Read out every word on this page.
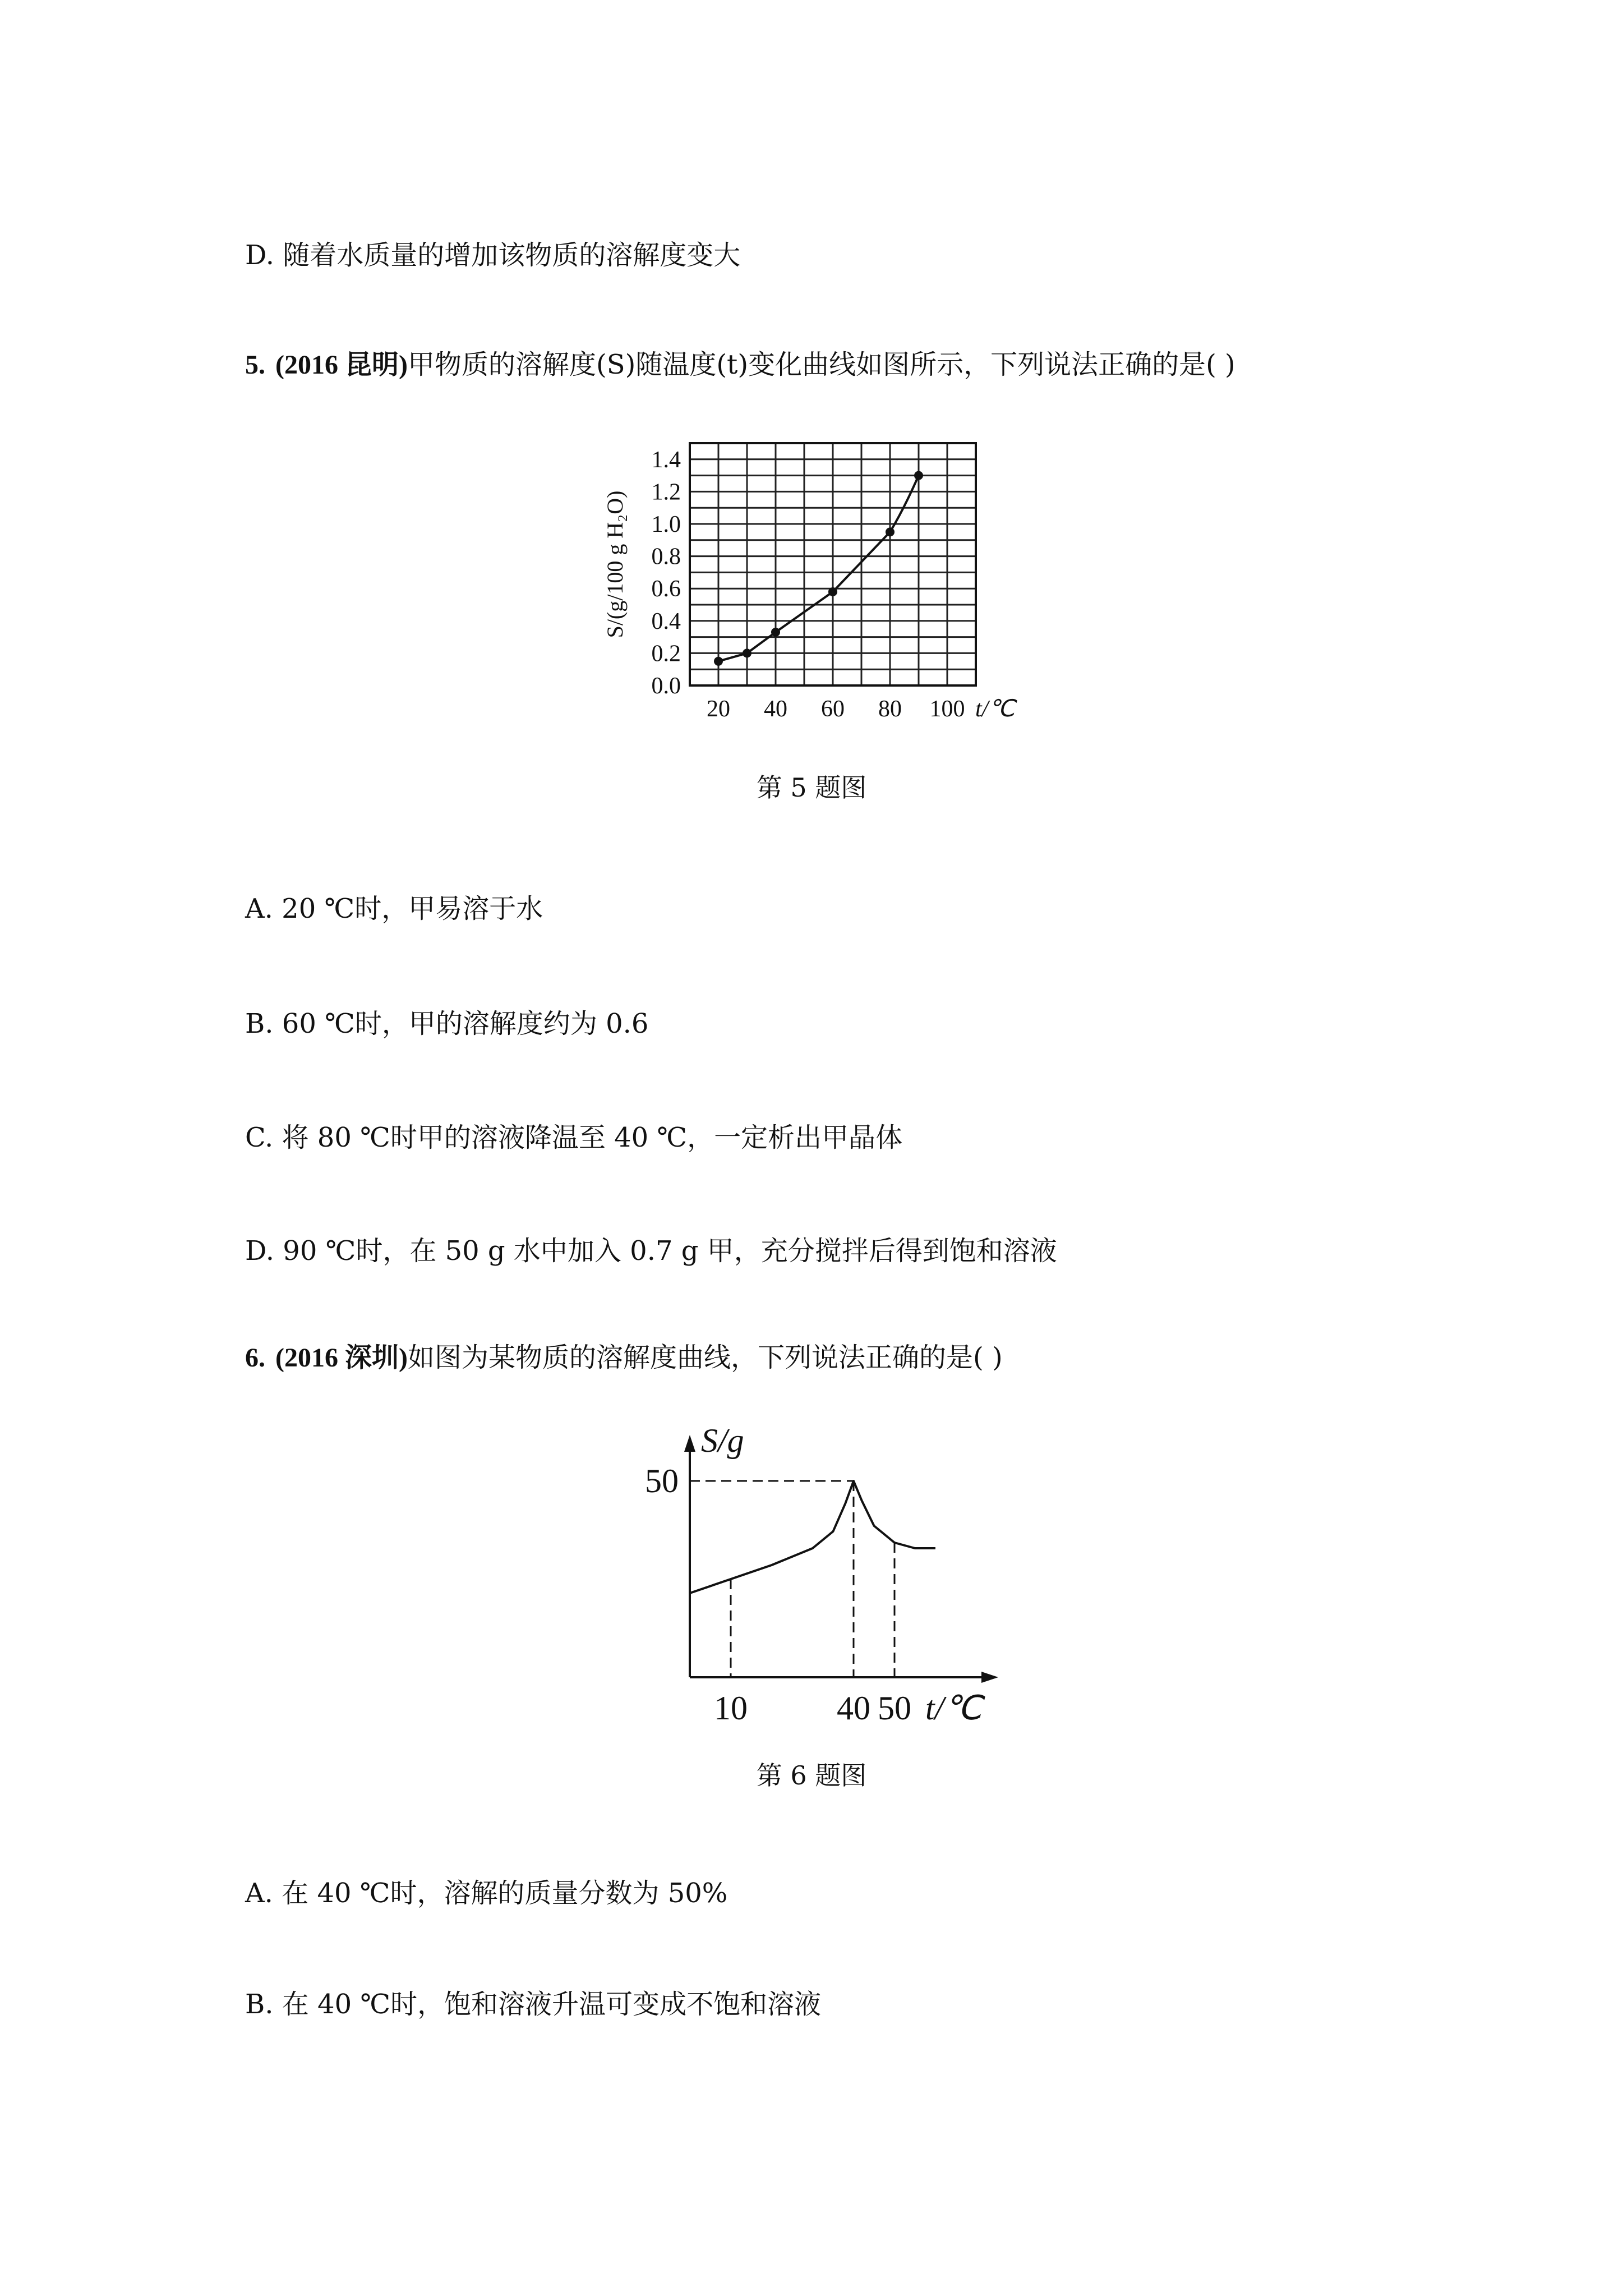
D. 随着水质量的增加该物质的溶解度变大
5. (2016 昆明)甲物质的溶解度(S)随温度(t)变化曲线如图所示，下列说法正确的是( )
0.0
0.2
0.4
0.6
0.8
1.0
1.2
1.4
20 40 60 80 100 t/℃
S/(g/100 g H₂O)
第 5 题图
A. 20 ℃时，甲易溶于水
B. 60 ℃时，甲的溶解度约为 0.6
C. 将 80 ℃时甲的溶液降温至 40 ℃，一定析出甲晶体
D. 90 ℃时，在 50 g 水中加入 0.7 g 甲，充分搅拌后得到饱和溶液
6. (2016 深圳)如图为某物质的溶解度曲线，下列说法正确的是( )
S/g
50
10	40 50 t/℃
第 6 题图
A. 在 40 ℃时，溶解的质量分数为 50%
B. 在 40 ℃时，饱和溶液升温可变成不饱和溶液
